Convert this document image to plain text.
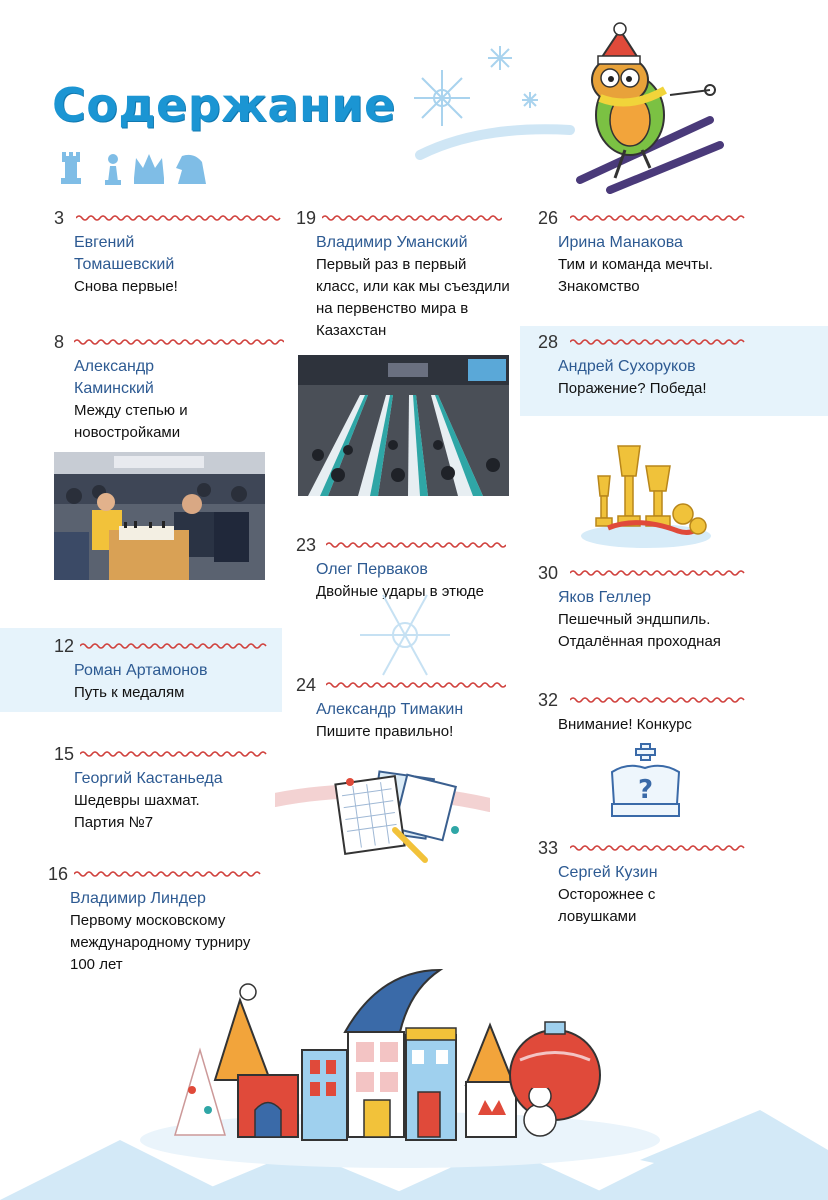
Содержание
3
Евгений Томашевский
Снова первые!
8
Александр Каминский
Между степью и новостройками
12
Роман Артамонов
Путь к медалям
15
Георгий Кастаньеда
Шедевры шахмат. Партия №7
16
Владимир Линдер
Первому московскому международному турниру 100 лет
19
Владимир Уманский
Первый раз в первый класс, или как мы съездили на первенство мира в Казахстан
23
Олег Перваков
Двойные удары в этюде
24
Александр Тимакин
Пишите правильно!
26
Ирина Манакова
Тим и команда мечты. Знакомство
28
Андрей Сухоруков
Поражение? Победа!
30
Яков Геллер
Пешечный эндшпиль. Отдалённая проходная
32
Внимание! Конкурс
?
33
Сергей Кузин
Осторожнее с ловушками
